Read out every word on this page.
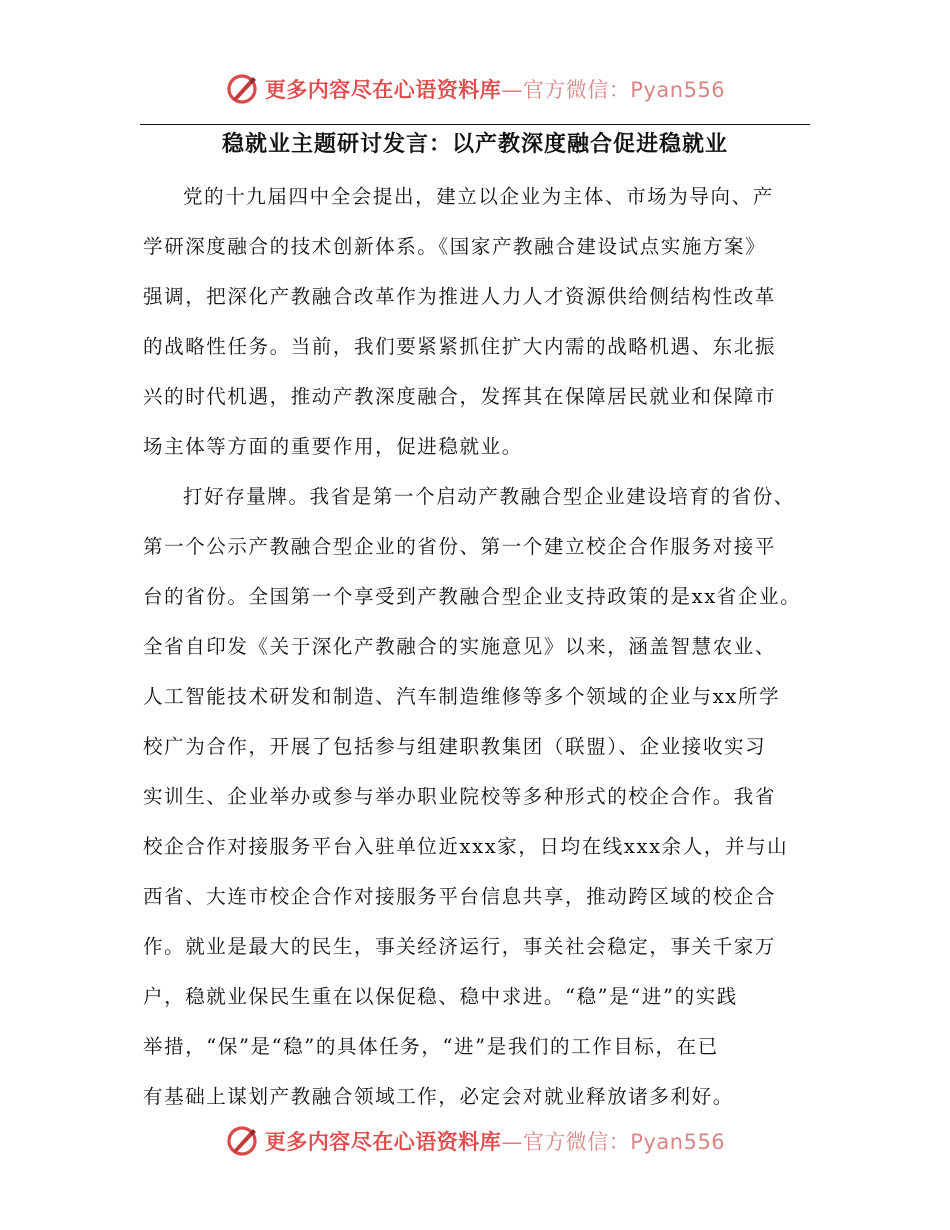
更多内容尽在心语资料库—官方微信：Pyan556
稳就业主题研讨发言：以产教深度融合促进稳就业
党的十九届四中全会提出，建立以企业为主体、市场为导向、产
学研深度融合的技术创新体系。《国家产教融合建设试点实施方案》
强调，把深化产教融合改革作为推进人力人才资源供给侧结构性改革
的战略性任务。当前，我们要紧紧抓住扩大内需的战略机遇、东北振
兴的时代机遇，推动产教深度融合，发挥其在保障居民就业和保障市
场主体等方面的重要作用，促进稳就业。
打好存量牌。我省是第一个启动产教融合型企业建设培育的省份、
第一个公示产教融合型企业的省份、第一个建立校企合作服务对接平
台的省份。全国第一个享受到产教融合型企业支持政策的是xx省企业。
全省自印发《关于深化产教融合的实施意见》以来，涵盖智慧农业、
人工智能技术研发和制造、汽车制造维修等多个领域的企业与xx所学
校广为合作，开展了包括参与组建职教集团（联盟）、企业接收实习
实训生、企业举办或参与举办职业院校等多种形式的校企合作。我省
校企合作对接服务平台入驻单位近xxx家，日均在线xxx余人，并与山
西省、大连市校企合作对接服务平台信息共享，推动跨区域的校企合
作。就业是最大的民生，事关经济运行，事关社会稳定，事关千家万
户，稳就业保民生重在以保促稳、稳中求进。“稳”是“进”的实践
举措，“保”是“稳”的具体任务，“进”是我们的工作目标，在已
有基础上谋划产教融合领域工作，必定会对就业释放诸多利好。
更多内容尽在心语资料库—官方微信：Pyan556
